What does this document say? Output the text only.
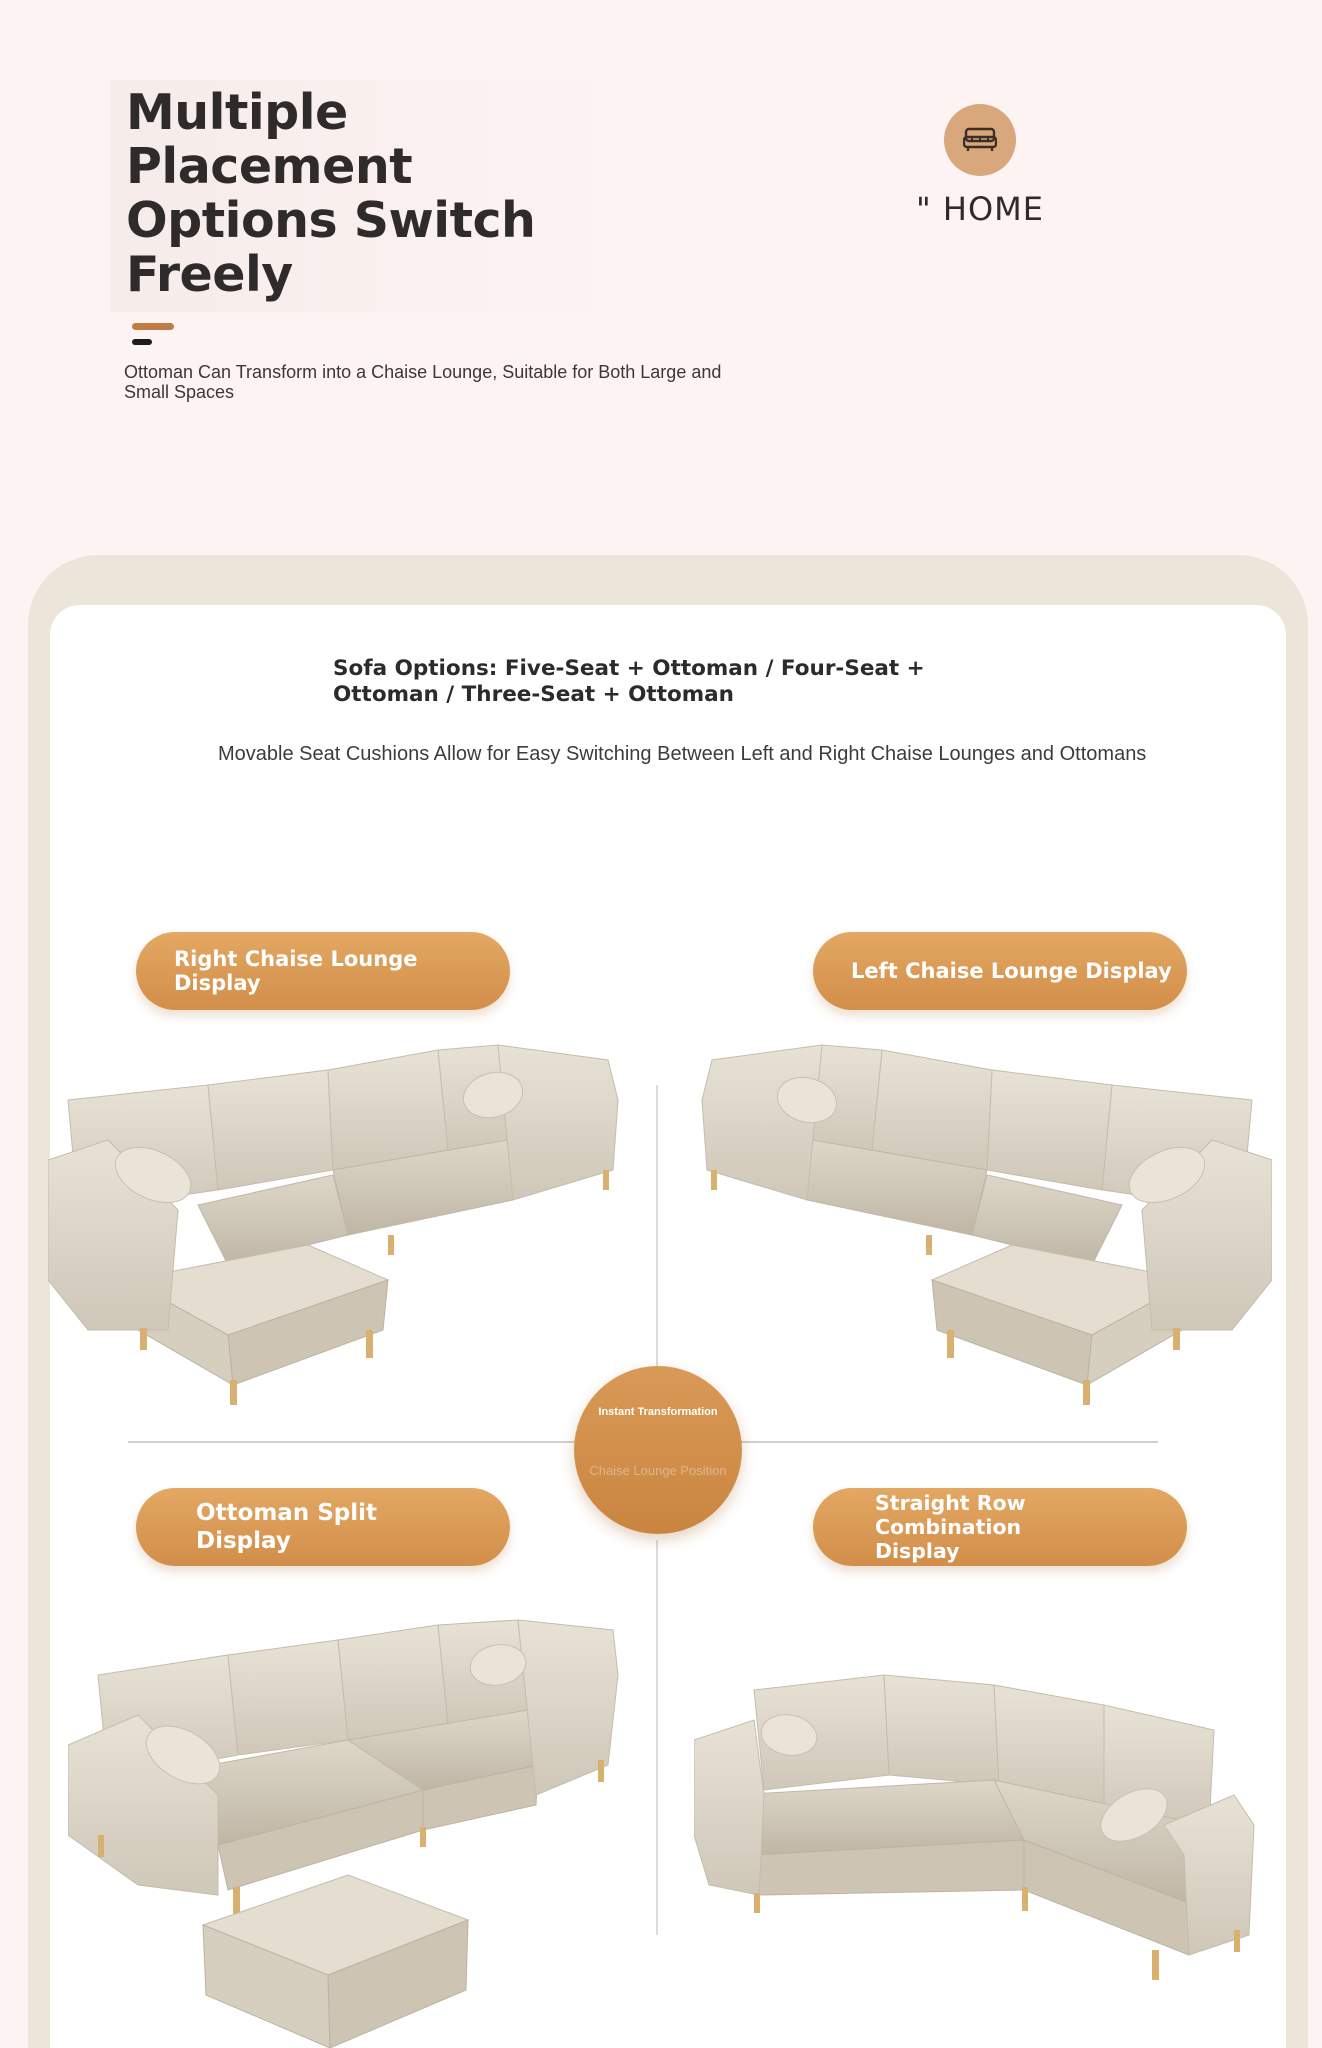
Multiple Placement
Options Switch
Freely
" HOME
Ottoman Can Transform into a Chaise Lounge, Suitable for Both Large and Small Spaces
Sofa Options: Five-Seat + Ottoman / Four-Seat + Ottoman / Three-Seat + Ottoman
Movable Seat Cushions Allow for Easy Switching Between Left and Right Chaise Lounges and Ottomans
Right Chaise Lounge Display	Left Chaise Lounge Display
Ottoman Split Display
Straight Row Combination Display
Instant Transformation
Chaise Lounge Position
